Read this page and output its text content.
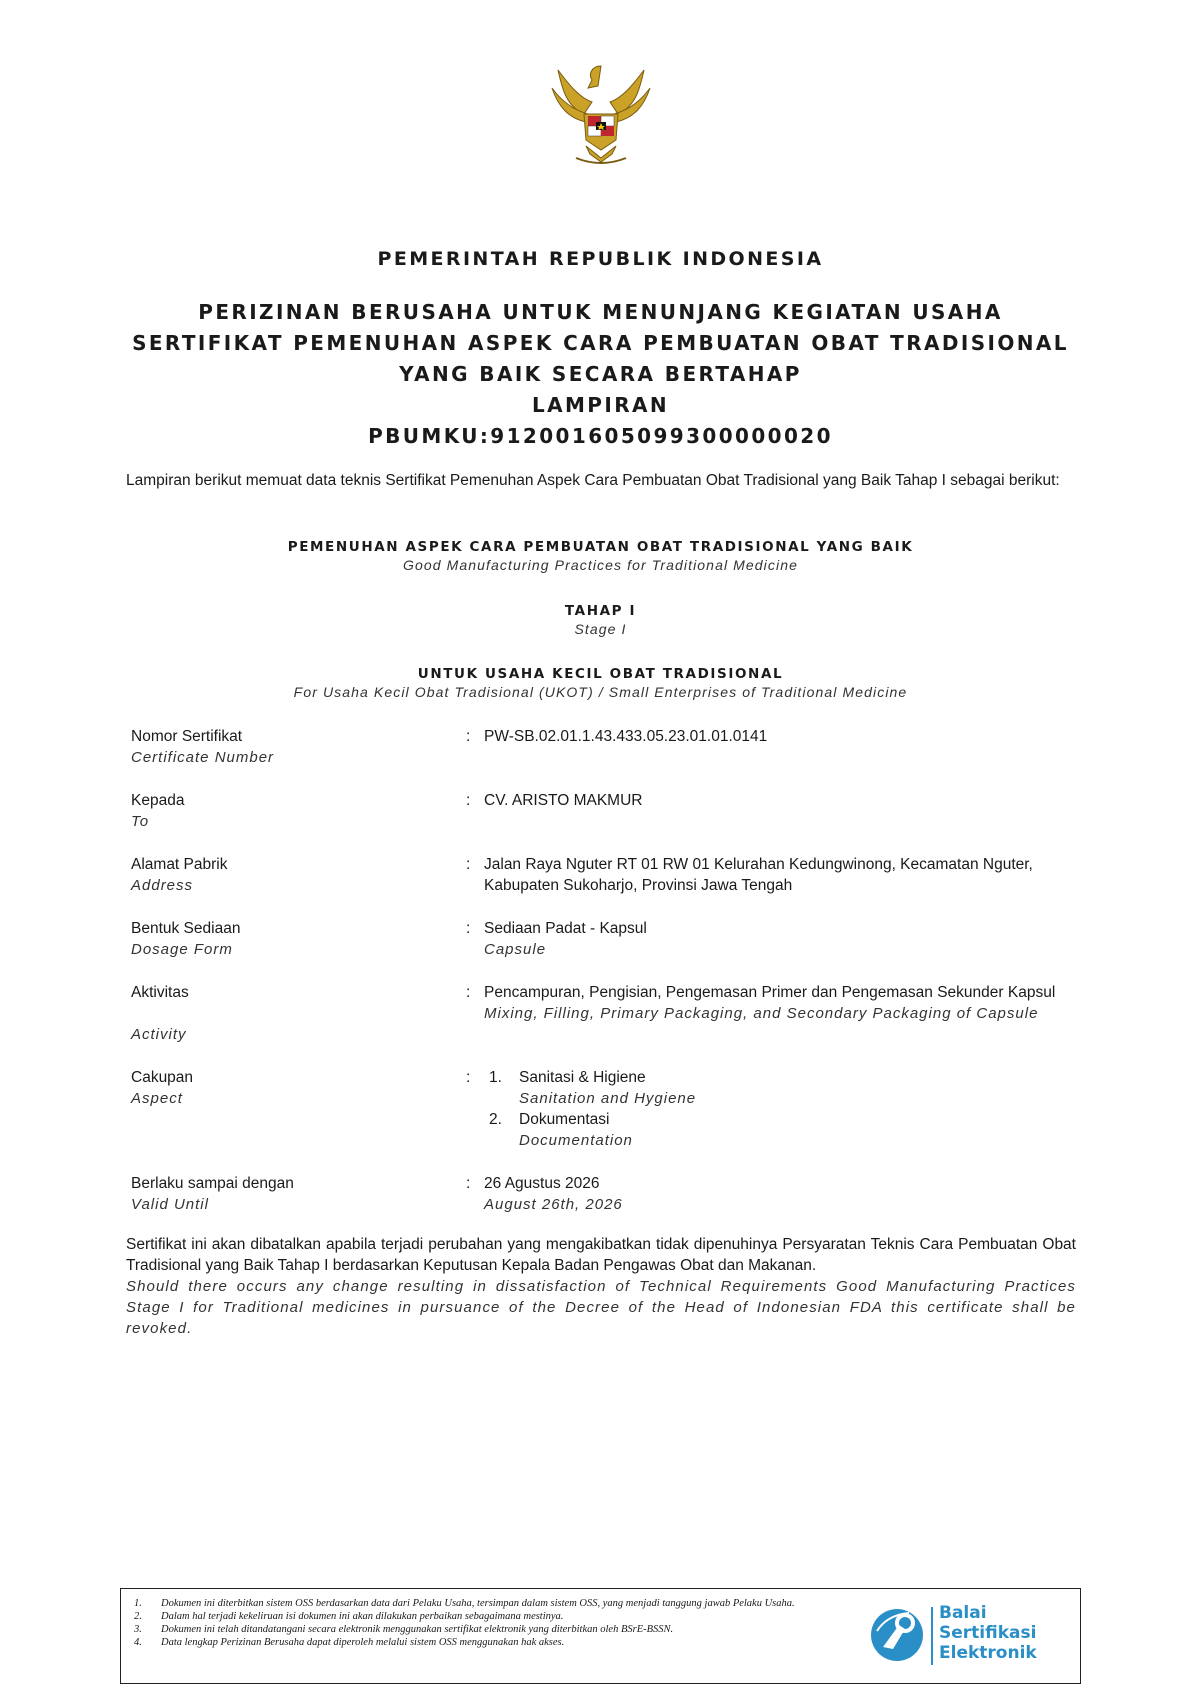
PEMERINTAH REPUBLIK INDONESIA
PERIZINAN BERUSAHA UNTUK MENUNJANG KEGIATAN USAHA
SERTIFIKAT PEMENUHAN ASPEK CARA PEMBUATAN OBAT TRADISIONAL
YANG BAIK SECARA BERTAHAP
LAMPIRAN
PBUMKU:912001605099300000020
Lampiran berikut memuat data teknis Sertifikat Pemenuhan Aspek Cara Pembuatan Obat Tradisional yang Baik Tahap I sebagai berikut:
PEMENUHAN ASPEK CARA PEMBUATAN OBAT TRADISIONAL YANG BAIK
Good Manufacturing Practices for Traditional Medicine
TAHAP I
Stage I
UNTUK USAHA KECIL OBAT TRADISIONAL
For Usaha Kecil Obat Tradisional (UKOT) / Small Enterprises of Traditional Medicine
Nomor Sertifikat
Certificate Number
: PW-SB.02.01.1.43.433.05.23.01.01.0141
Kepada
To
: CV. ARISTO MAKMUR
Alamat Pabrik
Address
: Jalan Raya Nguter RT 01 RW 01 Kelurahan Kedungwinong, Kecamatan Nguter, Kabupaten Sukoharjo, Provinsi Jawa Tengah
Bentuk Sediaan
Dosage Form
: Sediaan Padat - Kapsul
Capsule
Aktivitas
Activity
: Pencampuran, Pengisian, Pengemasan Primer dan Pengemasan Sekunder Kapsul
Mixing, Filling, Primary Packaging, and Secondary Packaging of Capsule
Cakupan
Aspect
: 1. Sanitasi & Higiene
Sanitation and Hygiene
2. Dokumentasi
Documentation
Berlaku sampai dengan
Valid Until
: 26 Agustus 2026
August 26th, 2026
Sertifikat ini akan dibatalkan apabila terjadi perubahan yang mengakibatkan tidak dipenuhinya Persyaratan Teknis Cara Pembuatan Obat Tradisional yang Baik Tahap I berdasarkan Keputusan Kepala Badan Pengawas Obat dan Makanan.
Should there occurs any change resulting in dissatisfaction of Technical Requirements Good Manufacturing Practices Stage I for Traditional medicines in pursuance of the Decree of the Head of Indonesian FDA this certificate shall be revoked.
1. Dokumen ini diterbitkan sistem OSS berdasarkan data dari Pelaku Usaha, tersimpan dalam sistem OSS, yang menjadi tanggung jawab Pelaku Usaha.
2. Dalam hal terjadi kekeliruan isi dokumen ini akan dilakukan perbaikan sebagaimana mestinya.
3. Dokumen ini telah ditandatangani secara elektronik menggunakan sertifikat elektronik yang diterbitkan oleh BSrE-BSSN.
4. Data lengkap Perizinan Berusaha dapat diperoleh melalui sistem OSS menggunakan hak akses.
Balai
Sertifikasi
Elektronik
